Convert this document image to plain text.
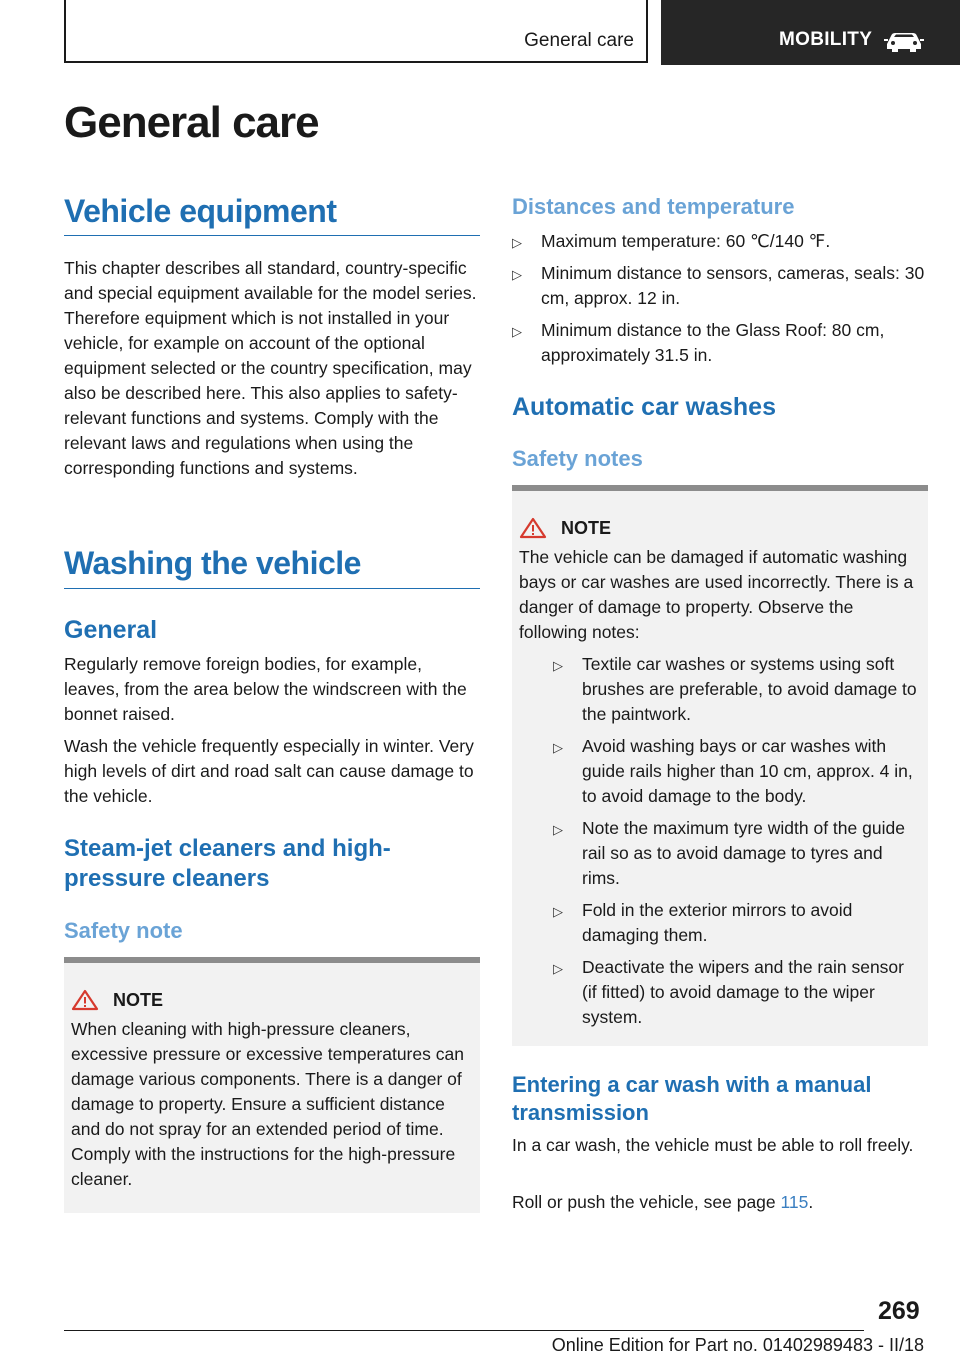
General care	MOBILITY
General care
Vehicle equipment

This chapter describes all standard, country-specific and special equipment available for the model series. Therefore equipment which is not installed in your vehicle, for example on account of the optional equipment selected or the country specification, may also be described here. This also applies to safety-relevant functions and systems. Comply with the relevant laws and regulations when using the corresponding functions and systems.

Washing the vehicle
General

Regularly remove foreign bodies, for example, leaves, from the area below the windscreen with the bonnet raised.

Wash the vehicle frequently especially in winter. Very high levels of dirt and road salt can cause damage to the vehicle.

Steam-jet cleaners and high-pressure cleaners
Safety note
NOTE

When cleaning with high-pressure cleaners, excessive pressure or excessive temperatures can damage various components. There is a danger of damage to property. Ensure a sufficient distance and do not spray for an extended period of time. Comply with the instructions for the high-pressure cleaner.

Distances and temperature
▷ Maximum temperature: 60 ℃/140 ℉.
▷ Minimum distance to sensors, cameras, seals: 30 cm, approx. 12 in.
▷ Minimum distance to the Glass Roof: 80 cm, approximately 31.5 in.
Automatic car washes
Safety notes
NOTE

The vehicle can be damaged if automatic washing bays or car washes are used incorrectly. There is a danger of damage to property. Observe the following notes:

▷ Textile car washes or systems using soft brushes are preferable, to avoid damage to the paintwork.
▷ Avoid washing bays or car washes with guide rails higher than 10 cm, approx. 4 in, to avoid damage to the body.
▷ Note the maximum tyre width of the guide rail so as to avoid damage to tyres and rims.
▷ Fold in the exterior mirrors to avoid damaging them.
▷ Deactivate the wipers and the rain sensor (if fitted) to avoid damage to the wiper system.
Entering a car wash with a manual transmission

In a car wash, the vehicle must be able to roll freely.

Roll or push the vehicle, see page 115.

269
Online Edition for Part no. 01402989483 - II/18
